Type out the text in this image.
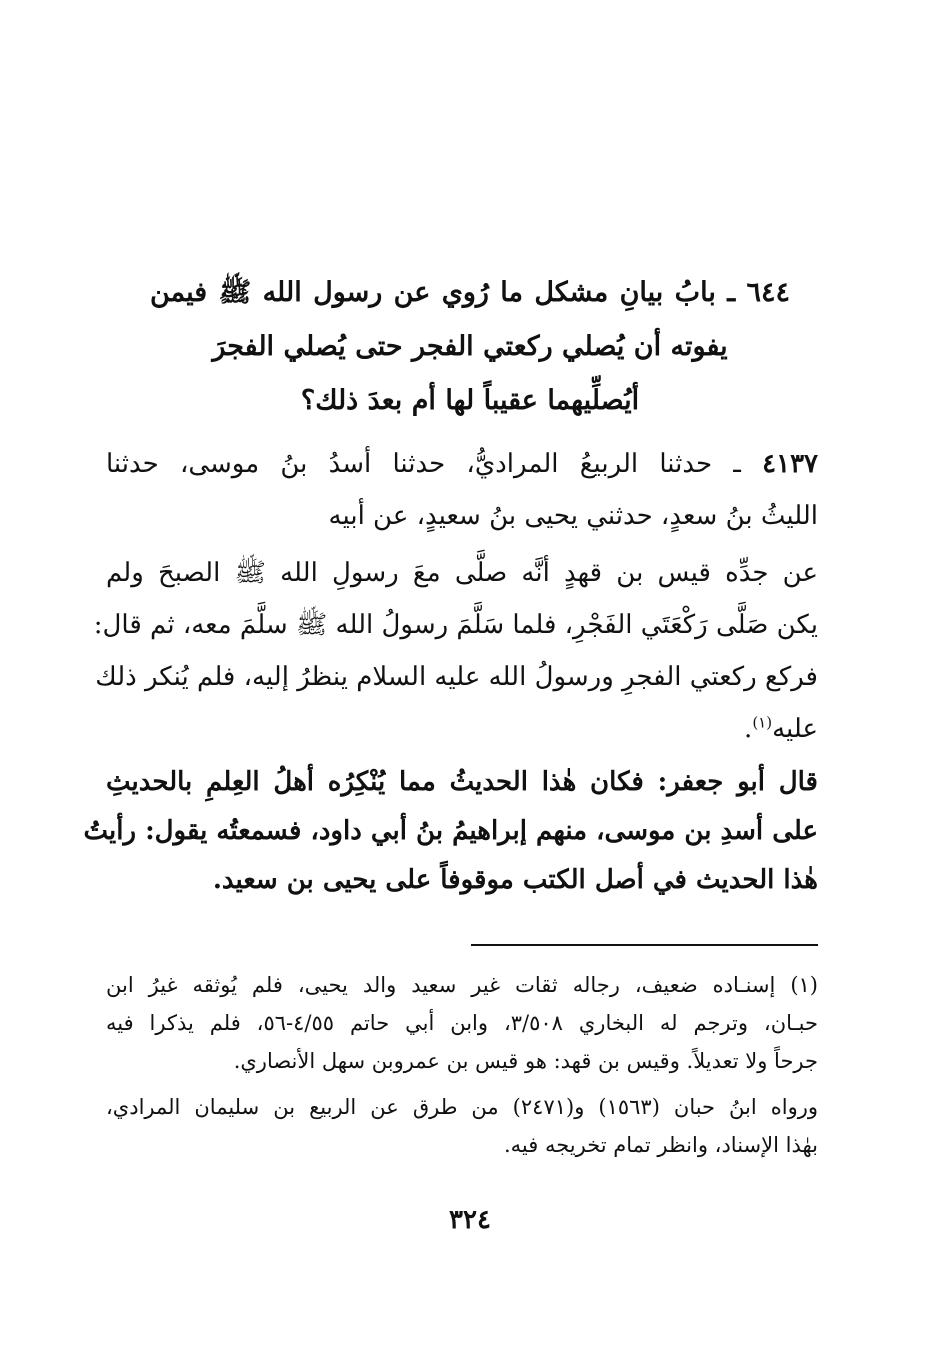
٦٤٤ ـ بابُ بيانِ مشكل ما رُوي عن رسول الله ﷺ فيمن
يفوته أن يُصلي ركعتي الفجر حتى يُصلي الفجرَ
أيُصلِّيهما عقيباً لها أم بعدَ ذلك؟
٤١٣٧ ـ حدثنا الربيعُ المراديُّ، حدثنا أسدُ بنُ موسى، حدثنا
الليثُ بنُ سعدٍ، حدثني يحيى بنُ سعيدٍ، عن أبيه
عن جدِّه قيس بن قهدٍ أنَّه صلَّى معَ رسولِ الله ﷺ الصبحَ ولم
يكن صَلَّى رَكْعَتَي الفَجْرِ، فلما سَلَّمَ رسولُ الله ﷺ سلَّمَ معه، ثم قال:
فركع ركعتي الفجرِ ورسولُ الله عليه السلام ينظرُ إليه، فلم يُنكر ذلك
عليه$^{(١)}$.
قال أبو جعفر: فكان هٰذا الحديثُ مما يُنْكِرُه أهلُ العِلمِ بالحديثِ
على أسدِ بن موسى، منهم إبراهيمُ بنُ أبي داود، فسمعتُه يقول: رأيتُ
هٰذا الحديث في أصل الكتب موقوفاً على يحيى بن سعيد.
(١) إسنـاده ضعيف، رجاله ثقات غير سعيد والد يحيى، فلم يُوثقه غيرُ ابن
حبـان، وترجم له البخاري ٣/٥٠٨، وابن أبي حاتم ٤/٥٥-٥٦، فلم يذكرا فيه
جرحاً ولا تعديلاً. وقيس بن قهد: هو قيس بن عمروبن سهل الأنصاري.
ورواه ابنُ حبان (١٥٦٣) و(٢٤٧١) من طرق عن الربيع بن سليمان المرادي،
بهٰذا الإسناد، وانظر تمام تخريجه فيه.
٣٢٤
